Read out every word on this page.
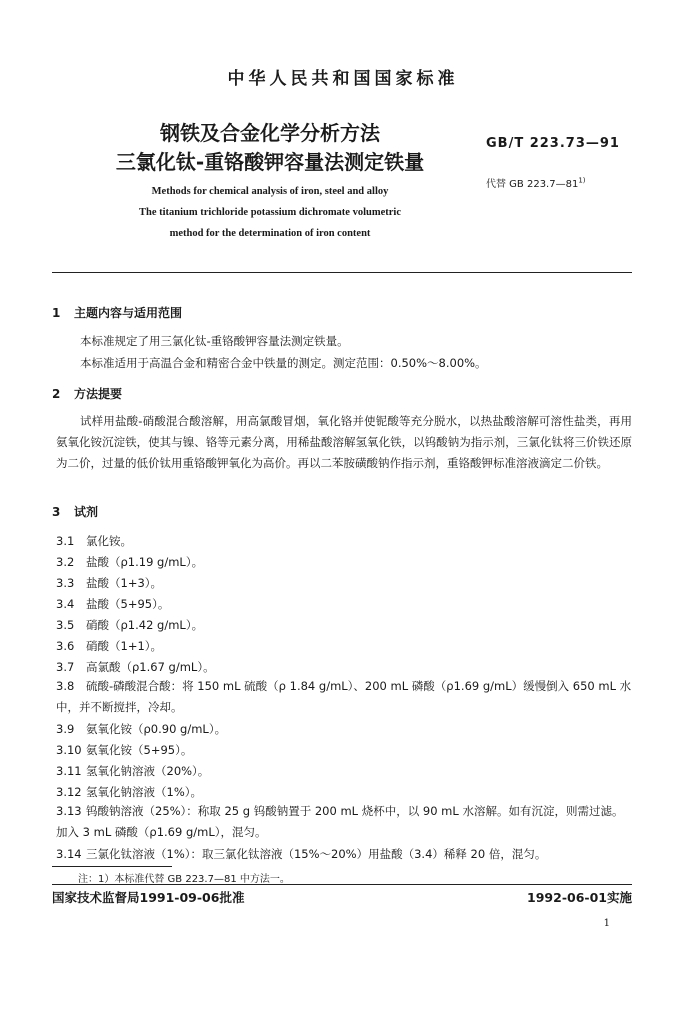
中华人民共和国国家标准
钢铁及合金化学分析方法
三氯化钛-重铬酸钾容量法测定铁量
GB/T 223.73—91
代替 GB 223.7—81$^{1)}$
Methods for chemical analysis of iron, steel and alloy
The titanium trichloride potassium dichromate volumetric
method for the determination of iron content
1 主题内容与适用范围
本标准规定了用三氯化钛-重铬酸钾容量法测定铁量。
本标准适用于高温合金和精密合金中铁量的测定。测定范围：0.50%～8.00%。
2 方法提要
试样用盐酸-硝酸混合酸溶解，用高氯酸冒烟，氧化铬并使铌酸等充分脱水，以热盐酸溶解可溶性盐类，再用氨氧化铵沉淀铁，使其与镍、铬等元素分离，用稀盐酸溶解氢氧化铁，以钨酸钠为指示剂，三氯化钛将三价铁还原为二价，过量的低价钛用重铬酸钾氧化为高价。再以二苯胺磺酸钠作指示剂，重铬酸钾标准溶液滴定二价铁。
3 试剂
3.1 氯化铵。
3.2 盐酸（ρ1.19 g/mL）。
3.3 盐酸（1+3）。
3.4 盐酸（5+95）。
3.5 硝酸（ρ1.42 g/mL）。
3.6 硝酸（1+1）。
3.7 高氯酸（ρ1.67 g/mL）。
3.8 硫酸-磷酸混合酸：将 150 mL 硫酸（ρ 1.84 g/mL）、200 mL 磷酸（ρ1.69 g/mL）缓慢倒入 650 mL 水中，并不断搅拌，冷却。
3.9 氨氧化铵（ρ0.90 g/mL）。
3.10 氨氧化铵（5+95）。
3.11 氢氧化钠溶液（20%）。
3.12 氢氧化钠溶液（1%）。
3.13 钨酸钠溶液（25%）：称取 25 g 钨酸钠置于 200 mL 烧杯中，以 90 mL 水溶解。如有沉淀，则需过滤。加入 3 mL 磷酸（ρ1.69 g/mL），混匀。
3.14 三氯化钛溶液（1%）：取三氯化钛溶液（15%～20%）用盐酸（3.4）稀释 20 倍，混匀。
注：1）本标准代替 GB 223.7—81 中方法一。
国家技术监督局1991-09-06批准	1992-06-01实施
1
